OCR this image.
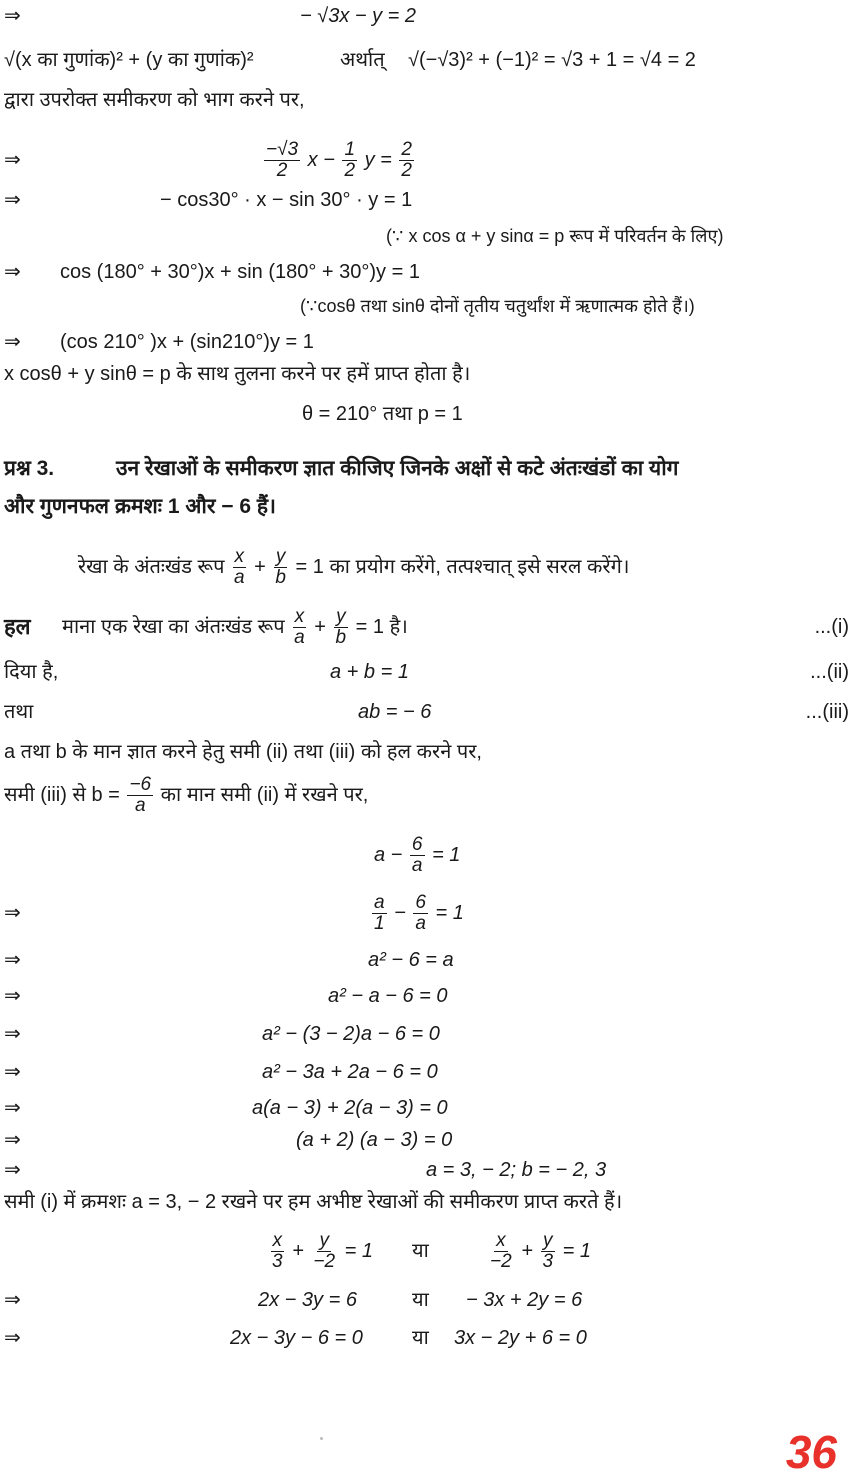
⇒	− √3x − y = 2
√(x का गुणांक)² + (y का गुणांक)²	अर्थात् √(−√3)² + (−1)² = √3 + 1 = √4 = 2
द्वारा उपरोक्त समीकरण को भाग करने पर,
⇒	$\frac{-√3}{2}$ $x - \frac{1}{2}$ $y = \frac{2}{2}$
⇒	− cos30° · x − sin 30° · y = 1
(∵ x cos α + y sinα = p रूप में परिवर्तन के लिए)
⇒ cos (180° + 30°)x + sin (180° + 30°)y = 1
(∵cosθ तथा sinθ दोनों तृतीय चतुर्थांश में ऋणात्मक होते हैं।)
⇒ (cos 210° )x + (sin210°)y = 1
x cosθ + y sinθ = p के साथ तुलना करने पर हमें प्राप्त होता है।
θ = 210° तथा p = 1
प्रश्न 3.	उन रेखाओं के समीकरण ज्ञात कीजिए जिनके अक्षों से कटे अंतःखंडों का योग
और गुणनफल क्रमशः 1 और − 6 हैं।
रेखा के अंतःखंड रूप $\frac{x}{a} + \frac{y}{b} = 1$ का प्रयोग करेंगे, तत्पश्चात् इसे सरल करेंगे।
हल माना एक रेखा का अंतःखंड रूप $\frac{x}{a} + \frac{y}{b} = 1$ है।	...(i)
दिया है,	a + b = 1	...(ii)
तथा	ab = − 6	...(iii)
a तथा b के मान ज्ञात करने हेतु समी (ii) तथा (iii) को हल करने पर,
समी (iii) से $b = \frac{-6}{a}$ का मान समी (ii) में रखने पर,
$a - \frac{6}{a} = 1$
⇒	$\frac{a}{1} - \frac{6}{a} = 1$
⇒	a² − 6 = a
⇒	a² − a − 6 = 0
⇒	a² − (3 − 2)a − 6 = 0
⇒	a² − 3a + 2a − 6 = 0
⇒	a(a − 3) + 2(a − 3) = 0
⇒	(a + 2) (a − 3) = 0
⇒	a = 3, − 2; b = − 2, 3
समी (i) में क्रमशः a = 3, − 2 रखने पर हम अभीष्ट रेखाओं की समीकरण प्राप्त करते हैं।
$\frac{x}{3} + \frac{y}{-2} = 1$ या	$\frac{x}{-2} + \frac{y}{3} = 1$
⇒	2x − 3y = 6	या − 3x + 2y = 6
⇒	2x − 3y − 6 = 0 या 3x − 2y + 6 = 0
36
